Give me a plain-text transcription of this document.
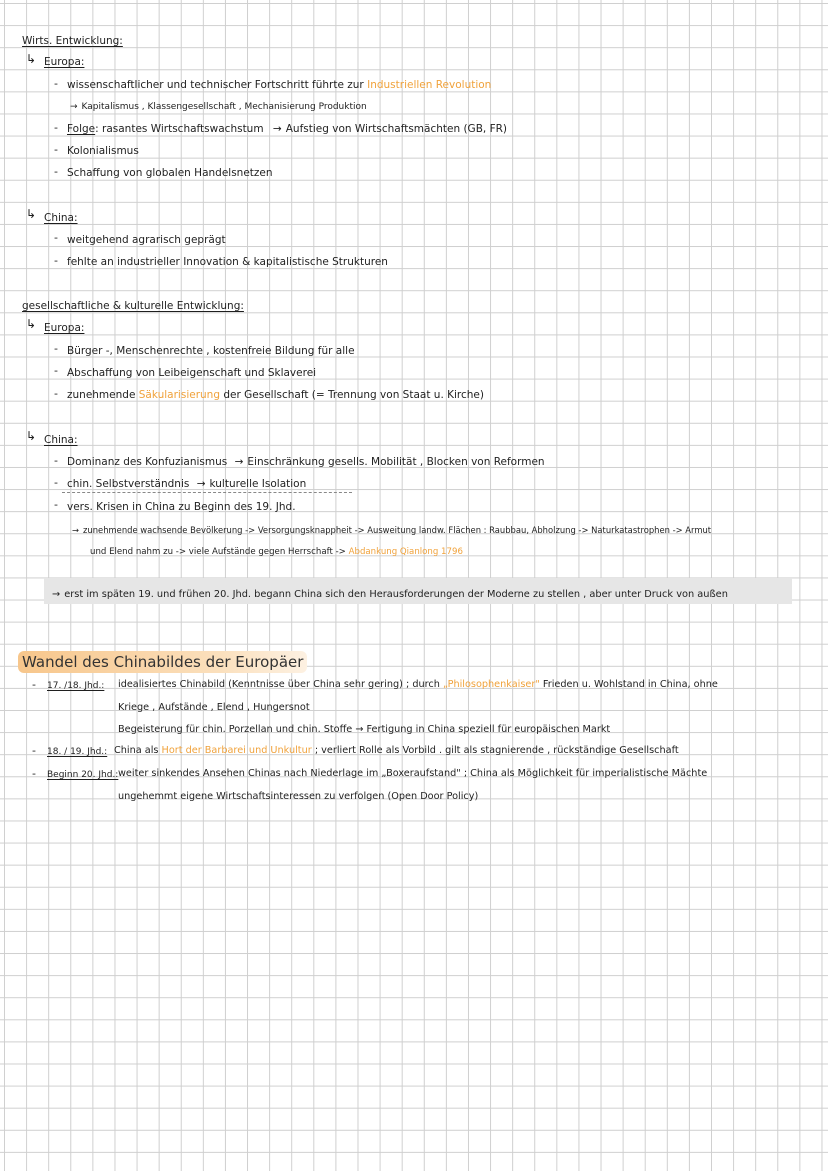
Wirts. Entwicklung:
↳ Europa:
- wissenschaftlicher und technischer Fortschritt führte zur Industriellen Revolution
→ Kapitalismus , Klassengesellschaft , Mechanisierung Produktion
- Folge: rasantes Wirtschaftswachstum → Aufstieg von Wirtschaftsmächten (GB, FR)
- Kolonialismus
- Schaffung von globalen Handelsnetzen
↳ China:
- weitgehend agrarisch geprägt
- fehlte an industrieller Innovation & kapitalistische Strukturen
gesellschaftliche & kulturelle Entwicklung:
↳ Europa:
- Bürger -, Menschenrechte , kostenfreie Bildung für alle
- Abschaffung von Leibeigenschaft und Sklaverei
- zunehmende Säkularisierung der Gesellschaft (= Trennung von Staat u. Kirche)
↳ China:
- Dominanz des Konfuzianismus → Einschränkung gesells. Mobilität , Blocken von Reformen
- chin. Selbstverständnis → kulturelle Isolation
- vers. Krisen in China zu Beginn des 19. Jhd.
→ zunehmende wachsende Bevölkerung -> Versorgungsknappheit -> Ausweitung landw. Flächen : Raubbau, Abholzung -> Naturkatastrophen -> Armut
und Elend nahm zu -> viele Aufstände gegen Herrschaft -> Abdankung Qianlong 1796
→ erst im späten 19. und frühen 20. Jhd. begann China sich den Herausforderungen der Moderne zu stellen , aber unter Druck von außen
Wandel des Chinabildes der Europäer
- 17. /18. Jhd.: idealisiertes Chinabild (Kenntnisse über China sehr gering) ; durch „Philosophenkaiser" Frieden u. Wohlstand in China, ohne
Kriege , Aufstände , Elend , Hungersnot
Begeisterung für chin. Porzellan und chin. Stoffe → Fertigung in China speziell für europäischen Markt
- 18. / 19. Jhd.: China als Hort der Barbarei und Unkultur ; verliert Rolle als Vorbild . gilt als stagnierende , rückständige Gesellschaft
- Beginn 20. Jhd.: weiter sinkendes Ansehen Chinas nach Niederlage im „Boxeraufstand" ; China als Möglichkeit für imperialistische Mächte
ungehemmt eigene Wirtschaftsinteressen zu verfolgen (Open Door Policy)
